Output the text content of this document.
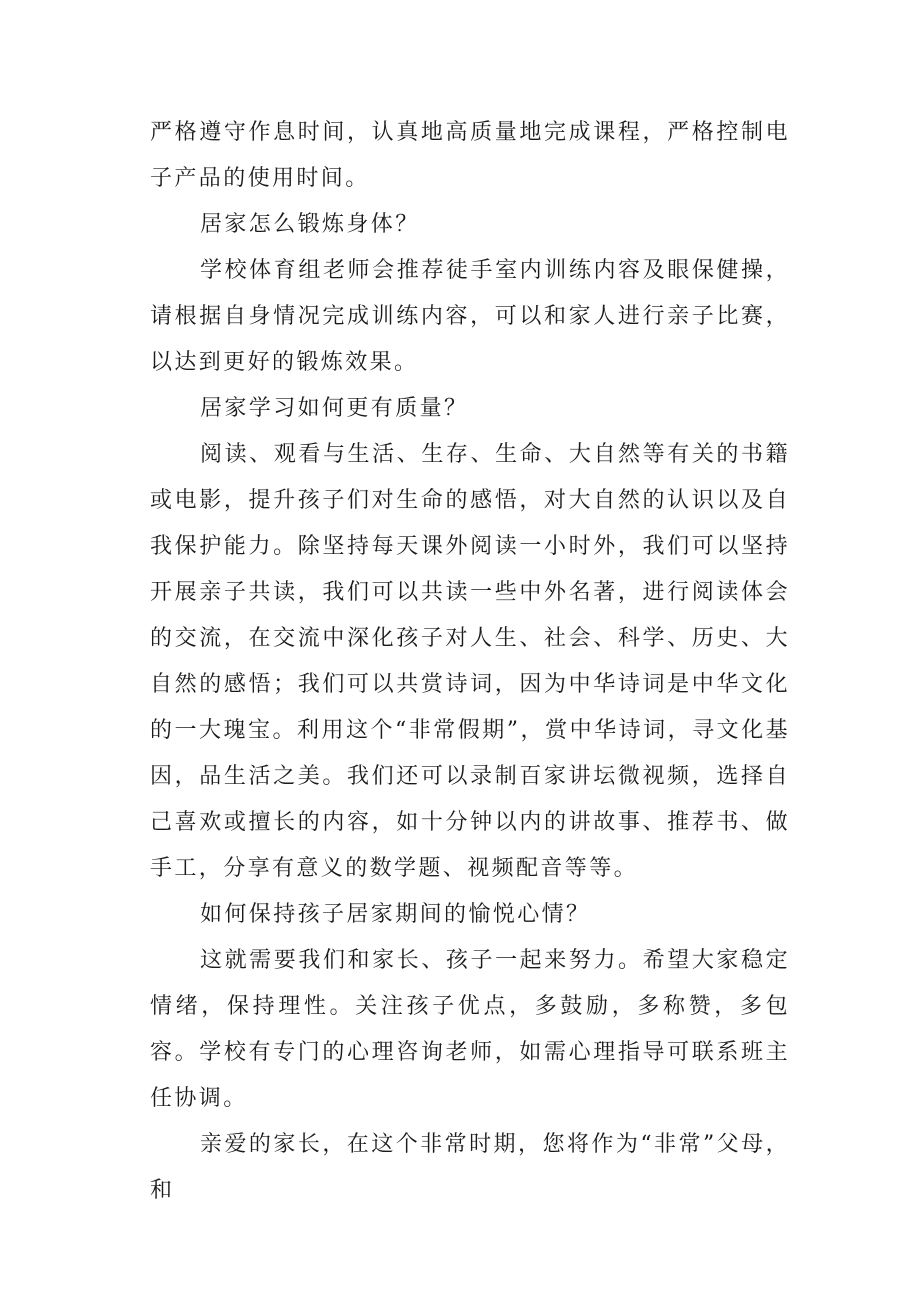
严格遵守作息时间，认真地高质量地完成课程，严格控制电子产品的使用时间。

居家怎么锻炼身体？

学校体育组老师会推荐徒手室内训练内容及眼保健操，请根据自身情况完成训练内容，可以和家人进行亲子比赛，以达到更好的锻炼效果。

居家学习如何更有质量？

阅读、观看与生活、生存、生命、大自然等有关的书籍或电影，提升孩子们对生命的感悟，对大自然的认识以及自我保护能力。除坚持每天课外阅读一小时外，我们可以坚持开展亲子共读，我们可以共读一些中外名著，进行阅读体会的交流，在交流中深化孩子对人生、社会、科学、历史、大自然的感悟；我们可以共赏诗词，因为中华诗词是中华文化的一大瑰宝。利用这个“非常假期”，赏中华诗词，寻文化基因，品生活之美。我们还可以录制百家讲坛微视频，选择自己喜欢或擅长的内容，如十分钟以内的讲故事、推荐书、做手工，分享有意义的数学题、视频配音等等。

如何保持孩子居家期间的愉悦心情？

这就需要我们和家长、孩子一起来努力。希望大家稳定情绪，保持理性。关注孩子优点，多鼓励，多称赞，多包容。学校有专门的心理咨询老师，如需心理指导可联系班主任协调。

亲爱的家长，在这个非常时期，您将作为“非常”父母，和
